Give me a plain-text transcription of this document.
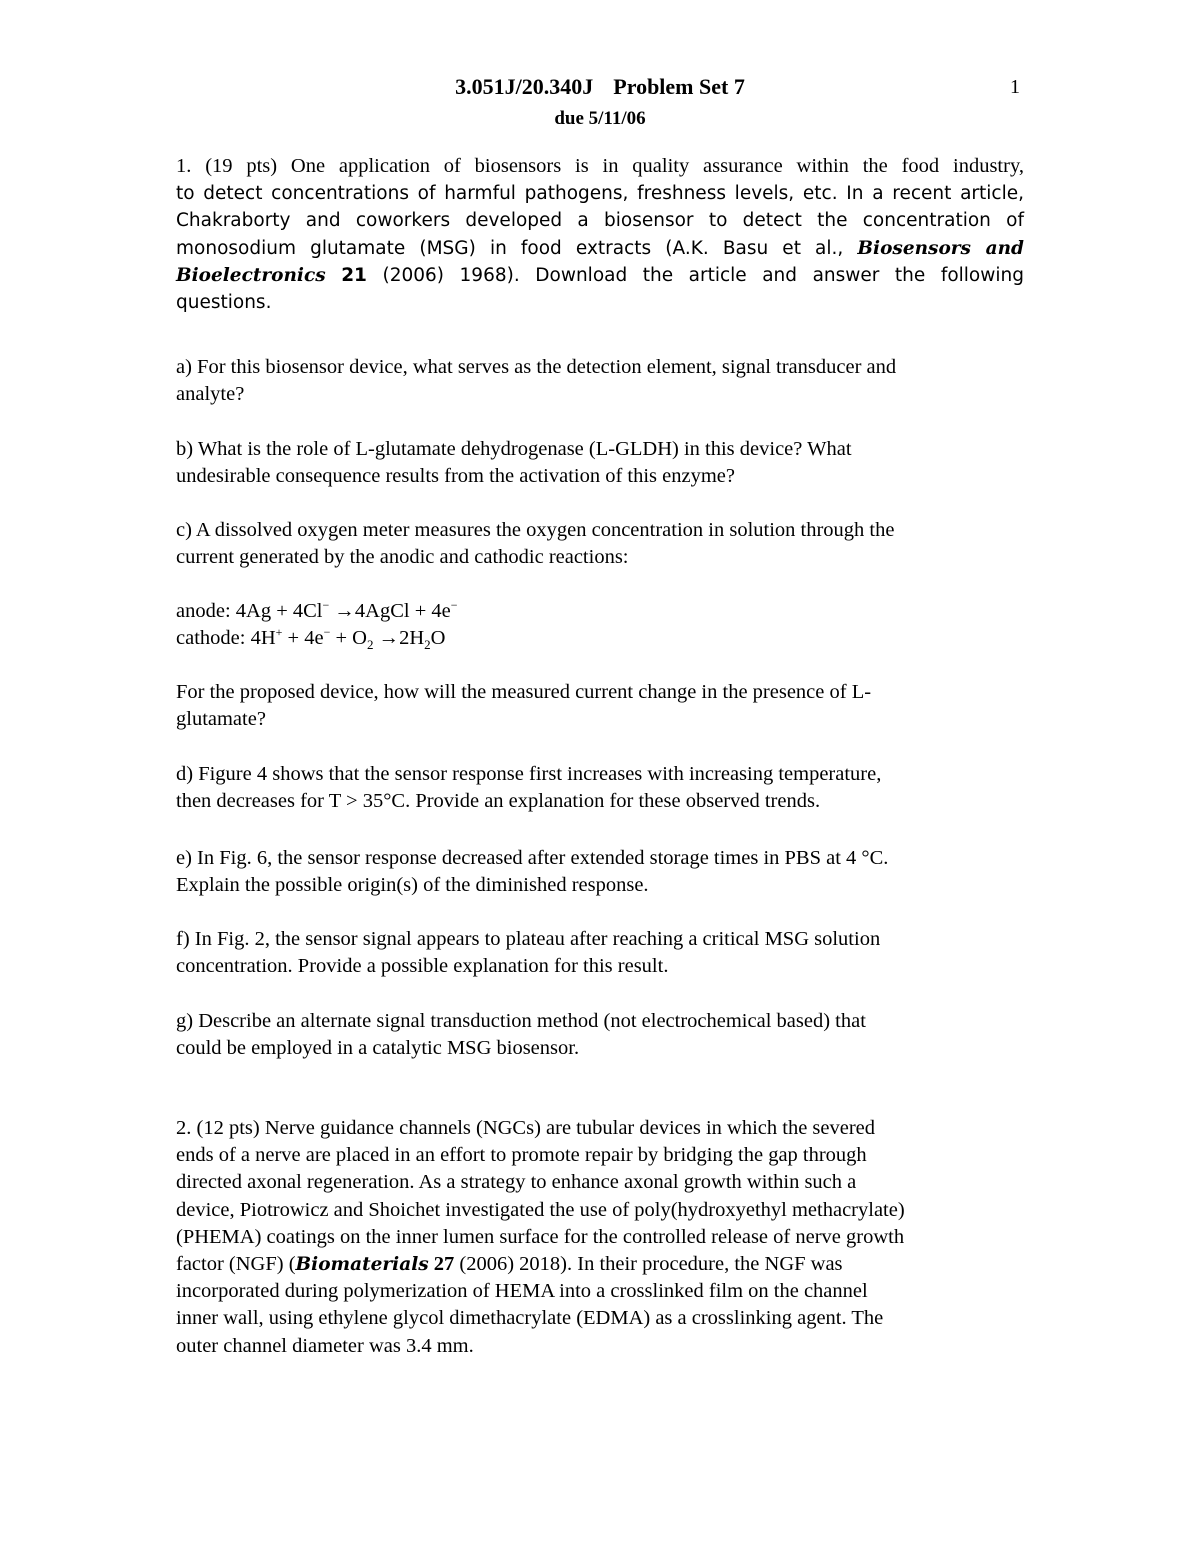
3.051J/20.340J Problem Set 7	1
due 5/11/06
1. (19 pts) One application of biosensors is in quality assurance within the food industry,
to detect concentrations of harmful pathogens, freshness levels, etc. In a recent article,
Chakraborty and coworkers developed a biosensor to detect the concentration of
monosodium glutamate (MSG) in food extracts (A.K. Basu et al., Biosensors and
Bioelectronics 21 (2006) 1968). Download the article and answer the following
questions.
a) For this biosensor device, what serves as the detection element, signal transducer and
analyte?
b) What is the role of L-glutamate dehydrogenase (L-GLDH) in this device? What
undesirable consequence results from the activation of this enzyme?
c) A dissolved oxygen meter measures the oxygen concentration in solution through the
current generated by the anodic and cathodic reactions:
anode: 4Ag + 4Cl− →4AgCl + 4e−
cathode: $4H^+ + 4e^- + O_2 \to 2H_2O$
For the proposed device, how will the measured current change in the presence of L-
glutamate?
d) Figure 4 shows that the sensor response first increases with increasing temperature,
then decreases for T > 35°C. Provide an explanation for these observed trends.
e) In Fig. 6, the sensor response decreased after extended storage times in PBS at 4 °C.
Explain the possible origin(s) of the diminished response.
f) In Fig. 2, the sensor signal appears to plateau after reaching a critical MSG solution
concentration. Provide a possible explanation for this result.
g) Describe an alternate signal transduction method (not electrochemical based) that
could be employed in a catalytic MSG biosensor.
2. (12 pts) Nerve guidance channels (NGCs) are tubular devices in which the severed
ends of a nerve are placed in an effort to promote repair by bridging the gap through
directed axonal regeneration. As a strategy to enhance axonal growth within such a
device, Piotrowicz and Shoichet investigated the use of poly(hydroxyethyl methacrylate)
(PHEMA) coatings on the inner lumen surface for the controlled release of nerve growth
factor (NGF) (Biomaterials 27 (2006) 2018). In their procedure, the NGF was
incorporated during polymerization of HEMA into a crosslinked film on the channel
inner wall, using ethylene glycol dimethacrylate (EDMA) as a crosslinking agent. The
outer channel diameter was 3.4 mm.
